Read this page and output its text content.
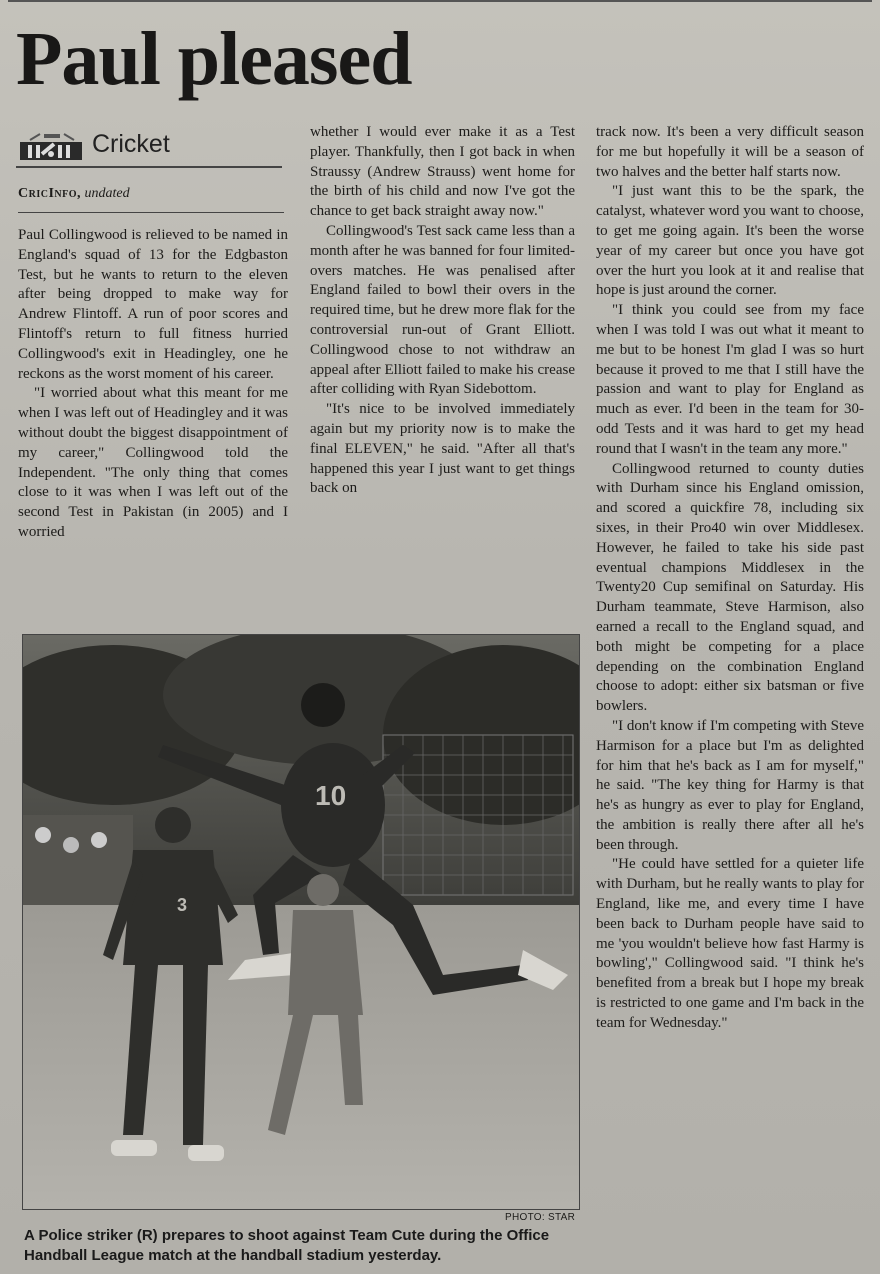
Paul pleased
Cricket
CricInfo, undated

Paul Collingwood is relieved to be named in England's squad of 13 for the Edgbaston Test, but he wants to return to the eleven after being dropped to make way for Andrew Flintoff. A run of poor scores and Flintoff's return to full fitness hurried Collingwood's exit in Headingley, one he reckons as the worst moment of his career.

"I worried about what this meant for me when I was left out of Headingley and it was without doubt the biggest disappointment of my career," Collingwood told the Independent. "The only thing that comes close to it was when I was left out of the second Test in Pakistan (in 2005) and I worried

whether I would ever make it as a Test player. Thankfully, then I got back in when Straussy (Andrew Strauss) went home for the birth of his child and now I've got the chance to get back straight away now."

Collingwood's Test sack came less than a month after he was banned for four limited-overs matches. He was penalised after England failed to bowl their overs in the required time, but he drew more flak for the controversial run-out of Grant Elliott. Collingwood chose to not withdraw an appeal after Elliott failed to make his crease after colliding with Ryan Sidebottom.

"It's nice to be involved immediately again but my priority now is to make the final ELEVEN," he said. "After all that's happened this year I just want to get things back on

track now. It's been a very difficult season for me but hopefully it will be a season of two halves and the better half starts now.

"I just want this to be the spark, the catalyst, whatever word you want to choose, to get me going again. It's been the worse year of my career but once you have got over the hurt you look at it and realise that hope is just around the corner.

"I think you could see from my face when I was told I was out what it meant to me but to be honest I'm glad I was so hurt because it proved to me that I still have the passion and want to play for England as much as ever. I'd been in the team for 30-odd Tests and it was hard to get my head round that I wasn't in the team any more."

Collingwood returned to county duties with Durham since his England omission, and scored a quickfire 78, including six sixes, in their Pro40 win over Middlesex. However, he failed to take his side past eventual champions Middlesex in the Twenty20 Cup semifinal on Saturday. His Durham teammate, Steve Harmison, also earned a recall to the England squad, and both might be competing for a place depending on the combination England choose to adopt: either six batsman or five bowlers.

"I don't know if I'm competing with Steve Harmison for a place but I'm as delighted for him that he's back as I am for myself," he said. "The key thing for Harmy is that he's as hungry as ever to play for England, the ambition is really there after all he's been through.

"He could have settled for a quieter life with Durham, but he really wants to play for England, like me, and every time I have been back to Durham people have said to me 'you wouldn't believe how fast Harmy is bowling'," Collingwood said. "I think he's benefited from a break but I hope my break is restricted to one game and I'm back in the team for Wednesday."

10
3
PHOTO: STAR
A Police striker (R) prepares to shoot against Team Cute during the Office Handball League match at the handball stadium yesterday.
